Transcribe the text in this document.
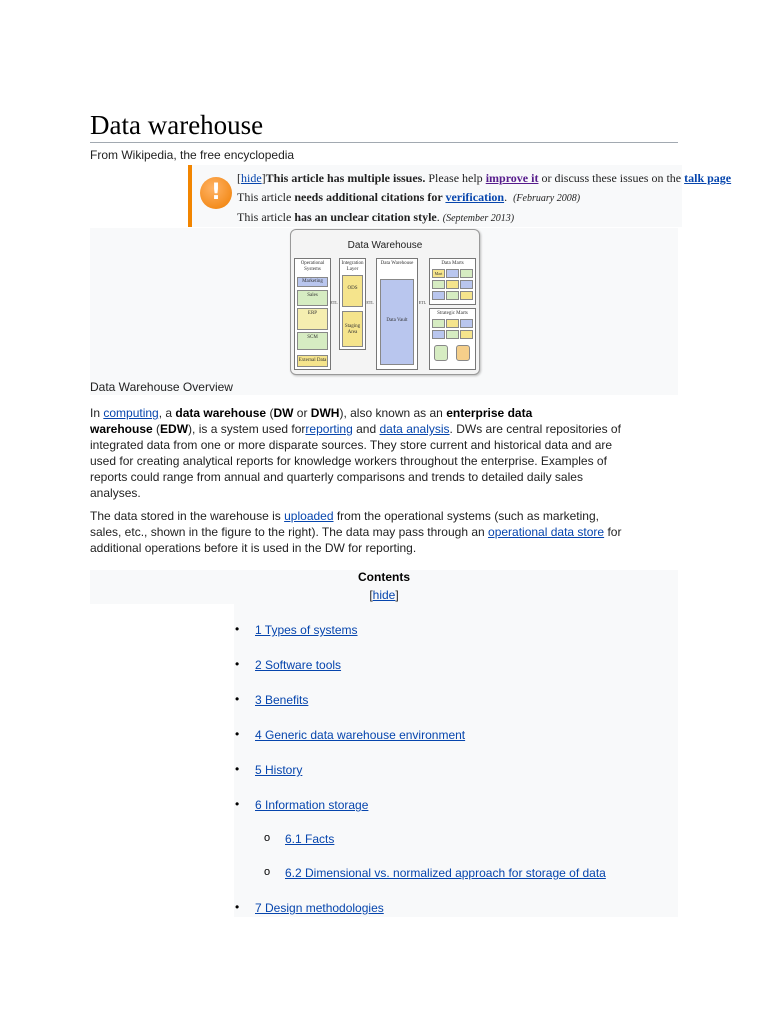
Data warehouse
From Wikipedia, the free encyclopedia
!
[hide]This article has multiple issues. Please help improve it or discuss these issues on the talk page
This article needs additional citations for verification.  (February 2008)
This article has an unclear citation style. (September 2013)
Data Warehouse
Operational Systems
Marketing
Sales
ERP
SCM
External Data
Integration Layer
ODS
Staging Area
Data Warehouse
Data Vault
Data Marts
Mart
Strategic Marts
ETL	ETL	ETL
Data Warehouse Overview
In computing, a data warehouse (DW or DWH), also known as an enterprise data
warehouse (EDW), is a system used forreporting and data analysis. DWs are central repositories of
integrated data from one or more disparate sources. They store current and historical data and are
used for creating analytical reports for knowledge workers throughout the enterprise. Examples of
reports could range from annual and quarterly comparisons and trends to detailed daily sales
analyses.
The data stored in the warehouse is uploaded from the operational systems (such as marketing,
sales, etc., shown in the figure to the right). The data may pass through an operational data store for
additional operations before it is used in the DW for reporting.
Contents
[hide]
• 1 Types of systems
• 2 Software tools
• 3 Benefits
• 4 Generic data warehouse environment
• 5 History
• 6 Information storage
o 6.1 Facts
o 6.2 Dimensional vs. normalized approach for storage of data
• 7 Design methodologies
